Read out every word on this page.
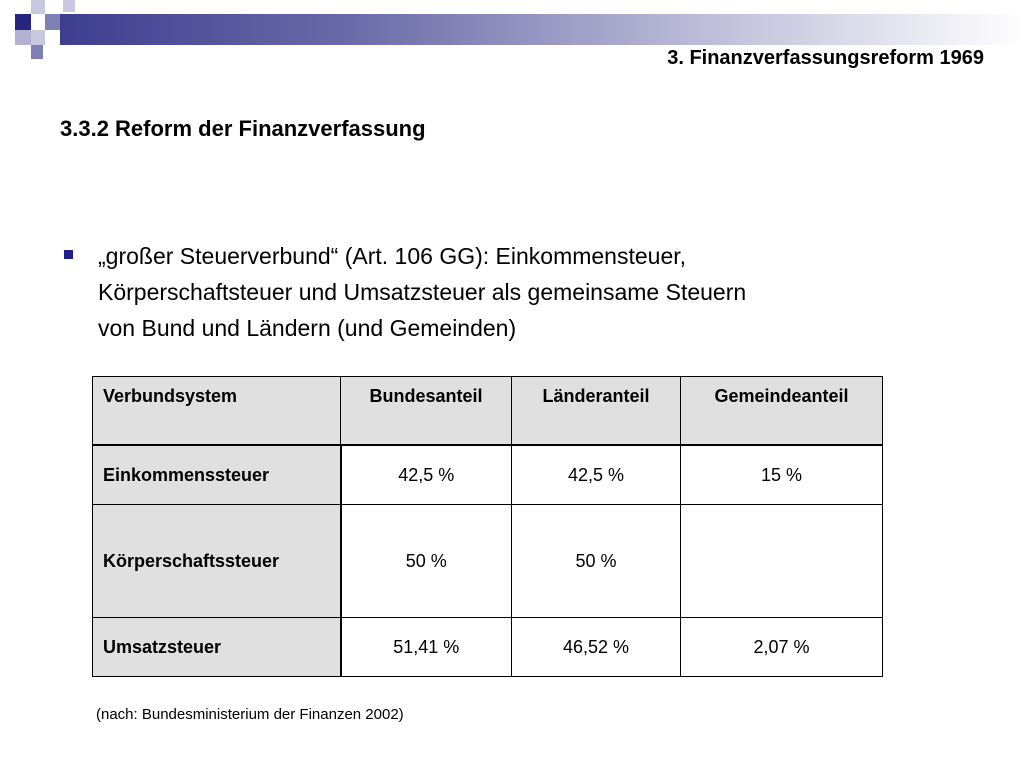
3. Finanzverfassungsreform 1969
3.3.2 Reform der Finanzverfassung
„großer Steuerverbund“ (Art. 106 GG): Einkommensteuer,
Körperschaftsteuer und Umsatzsteuer als gemeinsame Steuern
von Bund und Ländern (und Gemeinden)
Verbundsystem	Bundesanteil	Länderanteil	Gemeindeanteil
Einkommenssteuer	42,5 %	42,5 %	15 %
Körperschaftssteuer	50 %	50 %	
Umsatzsteuer	51,41 %	46,52 %	2,07 %
(nach: Bundesministerium der Finanzen 2002)
